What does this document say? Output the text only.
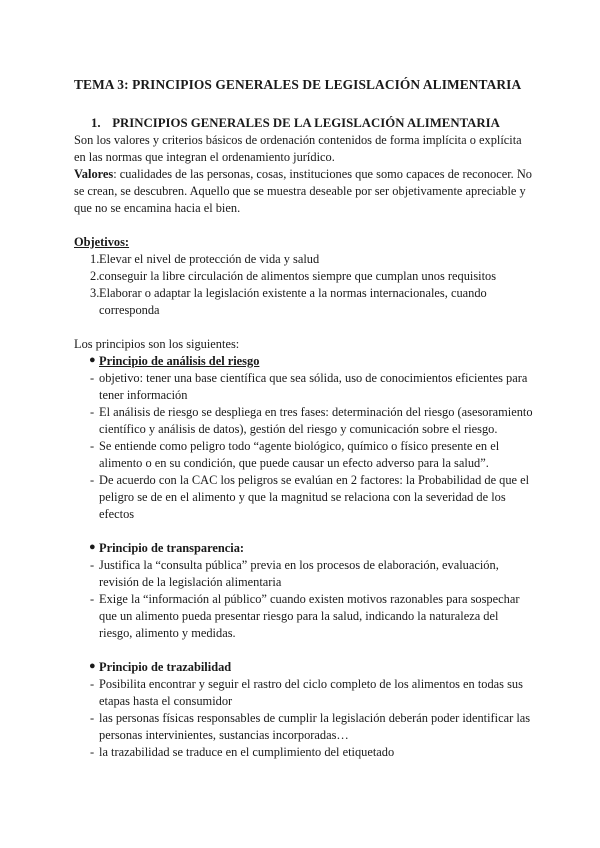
TEMA 3: PRINCIPIOS GENERALES DE LEGISLACIÓN ALIMENTARIA
1. PRINCIPIOS GENERALES DE LA LEGISLACIÓN ALIMENTARIA

Son los valores y criterios básicos de ordenación contenidos de forma implícita o explícita en las normas que integran el ordenamiento jurídico.

Valores: cualidades de las personas, cosas, instituciones que somo capaces de reconocer. No se crean, se descubren. Aquello que se muestra deseable por ser objetivamente apreciable y que no se encamina hacia el bien.

Objetivos:

1. Elevar el nivel de protección de vida y salud
2. conseguir la libre circulación de alimentos siempre que cumplan unos requisitos
3. Elaborar o adaptar la legislación existente a la normas internacionales, cuando corresponda

Los principios son los siguientes:

● Principio de análisis del riesgo
- objetivo: tener una base científica que sea sólida, uso de conocimientos eficientes para tener información
- El análisis de riesgo se despliega en tres fases: determinación del riesgo (asesoramiento científico y análisis de datos), gestión del riesgo y comunicación sobre el riesgo.
- Se entiende como peligro todo “agente biológico, químico o físico presente en el alimento o en su condición, que puede causar un efecto adverso para la salud”.
- De acuerdo con la CAC los peligros se evalúan en 2 factores: la Probabilidad de que el peligro se de en el alimento y que la magnitud se relaciona con la severidad de los efectos
● Principio de transparencia:
- Justifica la “consulta pública” previa en los procesos de elaboración, evaluación, revisión de la legislación alimentaria
- Exige la “información al público” cuando existen motivos razonables para sospechar que un alimento pueda presentar riesgo para la salud, indicando la naturaleza del riesgo, alimento y medidas.
● Principio de trazabilidad
- Posibilita encontrar y seguir el rastro del ciclo completo de los alimentos en todas sus etapas hasta el consumidor
- las personas físicas responsables de cumplir la legislación deberán poder identificar las personas intervinientes, sustancias incorporadas…
- la trazabilidad se traduce en el cumplimiento del etiquetado
